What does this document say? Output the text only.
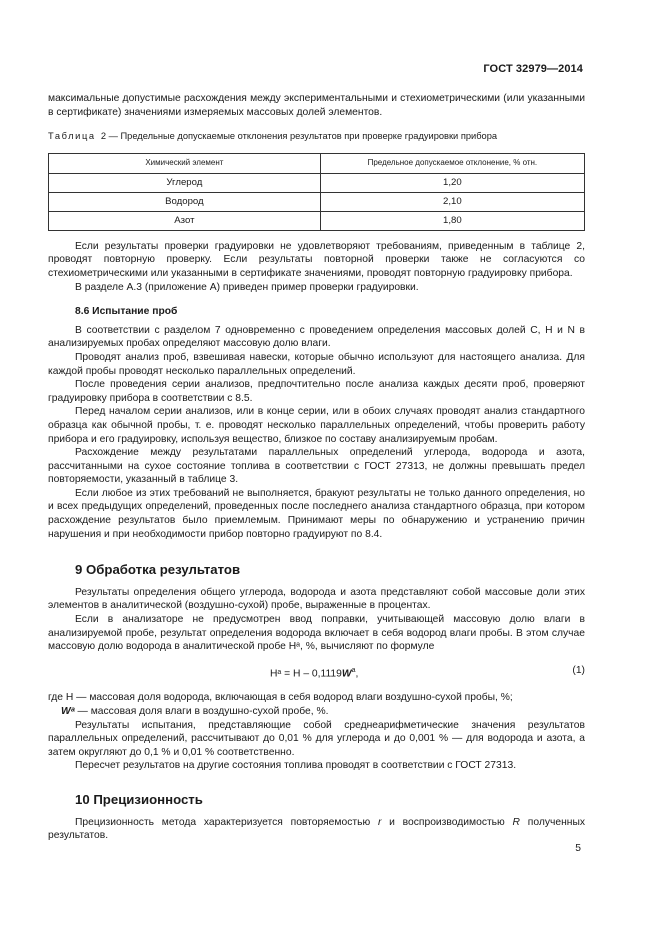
ГОСТ 32979—2014

максимальные допустимые расхождения между экспериментальными и стехиометрическими (или указанными в сертификате) значениями измеряемых массовых долей элементов.

Таблица 2 — Предельные допускаемые отклонения результатов при проверке градуировки прибора
Химический элемент	Предельное допускаемое отклонение, % отн.
Углерод	1,20
Водород	2,10
Азот	1,80

Если результаты проверки градуировки не удовлетворяют требованиям, приведенным в таблице 2, проводят повторную проверку. Если результаты повторной проверки также не согласуются со стехиометрическими или указанными в сертификате значениями, проводят повторную градуировку прибора.

В разделе А.3 (приложение А) приведен пример проверки градуировки.

8.6 Испытание проб

В соответствии с разделом 7 одновременно с проведением определения массовых долей С, Н и N в анализируемых пробах определяют массовую долю влаги.

Проводят анализ проб, взвешивая навески, которые обычно используют для настоящего анализа. Для каждой пробы проводят несколько параллельных определений.

После проведения серии анализов, предпочтительно после анализа каждых десяти проб, проверяют градуировку прибора в соответствии с 8.5.

Перед началом серии анализов, или в конце серии, или в обоих случаях проводят анализ стандартного образца как обычной пробы, т. е. проводят несколько параллельных определений, чтобы проверить работу прибора и его градуировку, используя вещество, близкое по составу анализируемым пробам.

Расхождение между результатами параллельных определений углерода, водорода и азота, рассчитанными на сухое состояние топлива в соответствии с ГОСТ 27313, не должны превышать предел повторяемости, указанный в таблице 3.

Если любое из этих требований не выполняется, бракуют результаты не только данного определения, но и всех предыдущих определений, проведенных после последнего анализа стандартного образца, при котором расхождение результатов было приемлемым. Принимают меры по обнаружению и устранению причин нарушения и при необходимости прибор повторно градуируют по 8.4.

9 Обработка результатов

Результаты определения общего углерода, водорода и азота представляют собой массовые доли этих элементов в аналитической (воздушно-сухой) пробе, выраженные в процентах.

Если в анализаторе не предусмотрен ввод поправки, учитывающей массовую долю влаги в анализируемой пробе, результат определения водорода включает в себя водород влаги пробы. В этом случае массовую долю водорода в аналитической пробе Нᵃ, %, вычисляют по формуле

Нᵃ = Н – $0,1119W^a$,	(1)

где Н — массовая доля водорода, включающая в себя водород влаги воздушно-сухой пробы, %;

Wᵃ — массовая доля влаги в воздушно-сухой пробе, %.

Результаты испытания, представляющие собой среднеарифметические значения результатов параллельных определений, рассчитывают до 0,01 % для углерода и до 0,001 % — для водорода и азота, а затем округляют до 0,1 % и 0,01 % соответственно.

Пересчет результатов на другие состояния топлива проводят в соответствии с ГОСТ 27313.

10 Прецизионность

Прецизионность метода характеризуется повторяемостью r и воспроизводимостью R полученных результатов.

5
